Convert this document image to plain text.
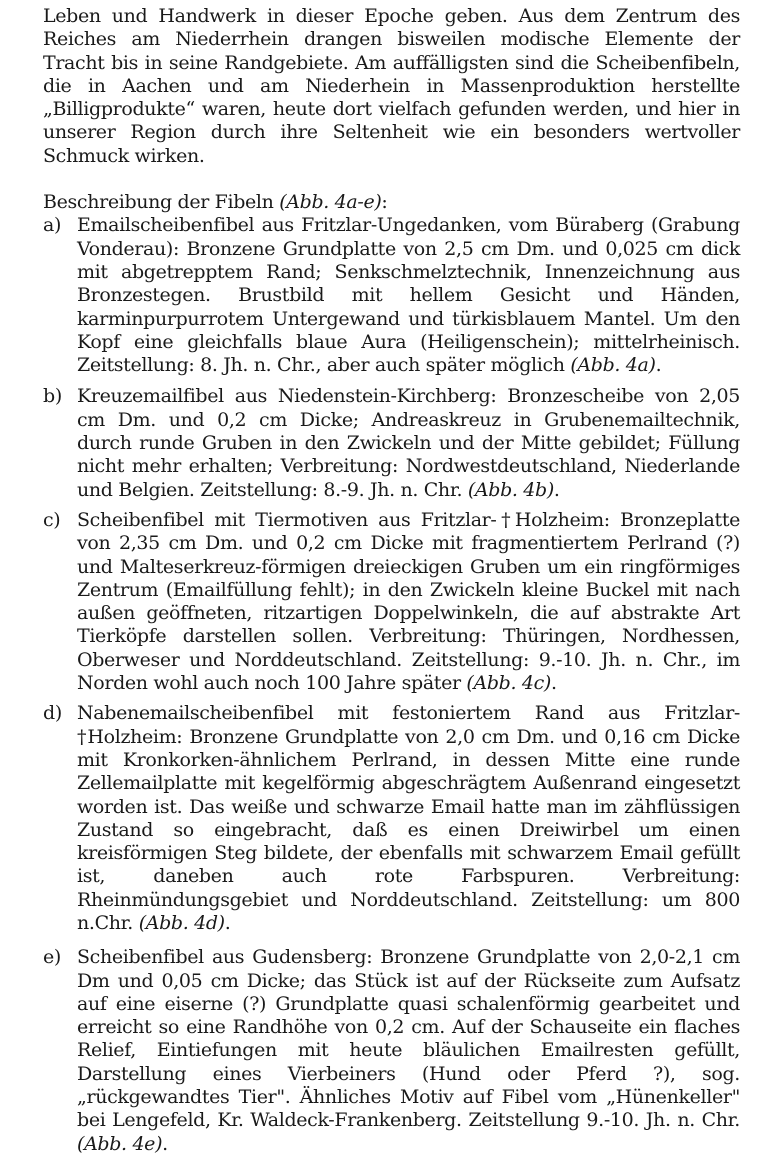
Leben und Handwerk in dieser Epoche geben. Aus dem Zentrum des Reiches am Niederrhein drangen bisweilen modische Elemente der Tracht bis in seine Randgebiete. Am auffälligsten sind die Scheibenfibeln, die in Aachen und am Niederhein in Massenproduktion herstellte „Billigprodukte“ waren, heute dort vielfach gefunden werden, und hier in unserer Region durch ihre Seltenheit wie ein besonders wertvoller Schmuck wirken.

Beschreibung der Fibeln (Abb. 4a-e):

a) Emailscheibenfibel aus Fritzlar-Ungedanken, vom Büraberg (Grabung Vonderau): Bronzene Grundplatte von 2,5 cm Dm. und 0,025 cm dick mit abgetrepptem Rand; Senkschmelztechnik, Innenzeichnung aus Bronzestegen. Brustbild mit hellem Gesicht und Händen, karminpurpurrotem Untergewand und türkisblauem Mantel. Um den Kopf eine gleichfalls blaue Aura (Heiligenschein); mittelrheinisch. Zeitstellung: 8. Jh. n. Chr., aber auch später möglich (Abb. 4a).
b) Kreuzemailfibel aus Niedenstein-Kirchberg: Bronzescheibe von 2,05 cm Dm. und 0,2 cm Dicke; Andreaskreuz in Grubenemailtechnik, durch runde Gruben in den Zwickeln und der Mitte gebildet; Füllung nicht mehr erhalten; Verbreitung: Nordwestdeutschland, Niederlande und Belgien. Zeitstellung: 8.-9. Jh. n. Chr. (Abb. 4b).
c) Scheibenfibel mit Tiermotiven aus Fritzlar-†Holzheim: Bronzeplatte von 2,35 cm Dm. und 0,2 cm Dicke mit fragmentiertem Perlrand (?) und Malteserkreuz-förmigen dreieckigen Gruben um ein ringförmiges Zentrum (Emailfüllung fehlt); in den Zwickeln kleine Buckel mit nach außen geöffneten, ritzartigen Doppelwinkeln, die auf abstrakte Art Tierköpfe darstellen sollen. Verbreitung: Thüringen, Nordhessen, Oberweser und Norddeutschland. Zeitstellung: 9.-10. Jh. n. Chr., im Norden wohl auch noch 100 Jahre später (Abb. 4c).
d) Nabenemailscheibenfibel mit festoniertem Rand aus Fritzlar-†Holzheim: Bronzene Grundplatte von 2,0 cm Dm. und 0,16 cm Dicke mit Kronkorken-ähnlichem Perlrand, in dessen Mitte eine runde Zellemailplatte mit kegelförmig abgeschrägtem Außenrand eingesetzt worden ist. Das weiße und schwarze Email hatte man im zähflüssigen Zustand so eingebracht, daß es einen Dreiwirbel um einen kreisförmigen Steg bildete, der ebenfalls mit schwarzem Email gefüllt ist, daneben auch rote Farbspuren. Verbreitung: Rheinmündungsgebiet und Norddeutschland. Zeitstellung: um 800 n.Chr. (Abb. 4d).
e) Scheibenfibel aus Gudensberg: Bronzene Grundplatte von 2,0-2,1 cm Dm und 0,05 cm Dicke; das Stück ist auf der Rückseite zum Aufsatz auf eine eiserne (?) Grundplatte quasi schalenförmig gearbeitet und erreicht so eine Randhöhe von 0,2 cm. Auf der Schauseite ein flaches Relief, Eintiefungen mit heute bläulichen Emailresten gefüllt, Darstellung eines Vierbeiners (Hund oder Pferd ?), sog. „rückgewandtes Tier". Ähnliches Motiv auf Fibel vom „Hünenkeller" bei Lengefeld, Kr. Waldeck-Frankenberg. Zeitstellung 9.-10. Jh. n. Chr. (Abb. 4e).
